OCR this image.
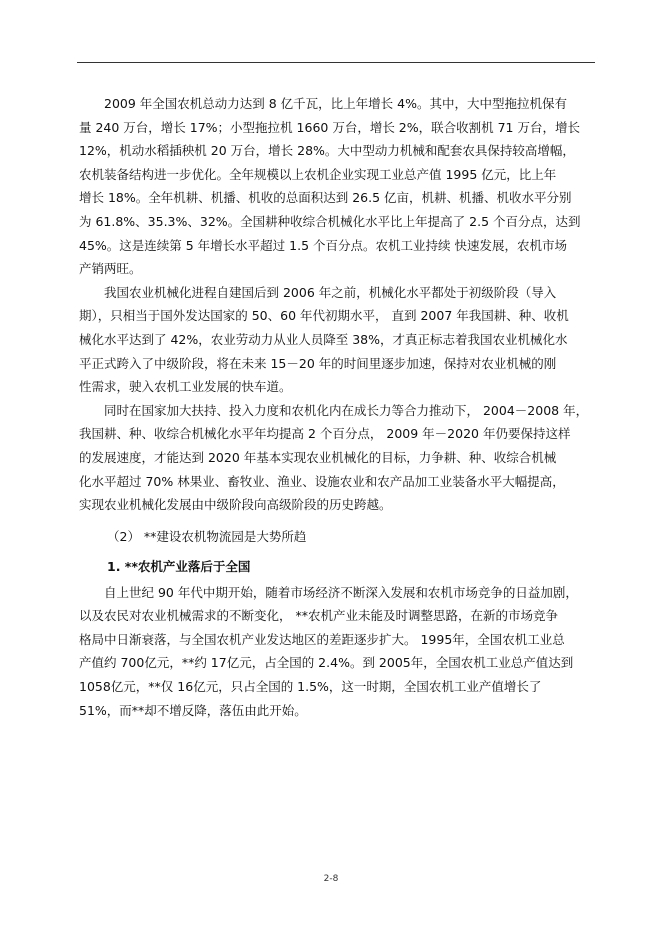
2009 年全国农机总动力达到 8 亿千瓦，比上年增长 4%。其中，大中型拖拉机保有
量 240 万台，增长 17%；小型拖拉机 1660 万台，增长 2%，联合收割机 71 万台，增长
12%，机动水稻插秧机 20 万台，增长 28%。大中型动力机械和配套农具保持较高增幅，
农机装备结构进一步优化。全年规模以上农机企业实现工业总产值 1995 亿元，比上年
增长 18%。全年机耕、机播、机收的总面积达到 26.5 亿亩，机耕、机播、机收水平分别
为 61.8%、35.3%、32%。全国耕种收综合机械化水平比上年提高了 2.5 个百分点，达到
45%。这是连续第 5 年增长水平超过 1.5 个百分点。农机工业持续 快速发展，农机市场
产销两旺。
我国农业机械化进程自建国后到 2006 年之前，机械化水平都处于初级阶段（导入
期），只相当于国外发达国家的 50、60 年代初期水平， 直到 2007 年我国耕、种、收机
械化水平达到了 42%，农业劳动力从业人员降至 38%，才真正标志着我国农业机械化水
平正式跨入了中级阶段，将在未来 15－20 年的时间里逐步加速，保持对农业机械的刚
性需求，驶入农机工业发展的快车道。
同时在国家加大扶持、投入力度和农机化内在成长力等合力推动下， 2004－2008 年，
我国耕、种、收综合机械化水平年均提高 2 个百分点， 2009 年－2020 年仍要保持这样
的发展速度，才能达到 2020 年基本实现农业机械化的目标，力争耕、种、收综合机械
化水平超过 70% 林果业、畜牧业、渔业、设施农业和农产品加工业装备水平大幅提高，
实现农业机械化发展由中级阶段向高级阶段的历史跨越。
（2） **建设农机物流园是大势所趋
1. **农机产业落后于全国
自上世纪 90 年代中期开始，随着市场经济不断深入发展和农机市场竞争的日益加剧，
以及农民对农业机械需求的不断变化， **农机产业未能及时调整思路，在新的市场竞争
格局中日渐衰落，与全国农机产业发达地区的差距逐步扩大。 1995年，全国农机工业总
产值约 700亿元，**约 17亿元，占全国的 2.4%。到 2005年，全国农机工业总产值达到
1058亿元，**仅 16亿元，只占全国的 1.5%，这一时期，全国农机工业产值增长了
51%，而**却不增反降，落伍由此开始。
2-8
